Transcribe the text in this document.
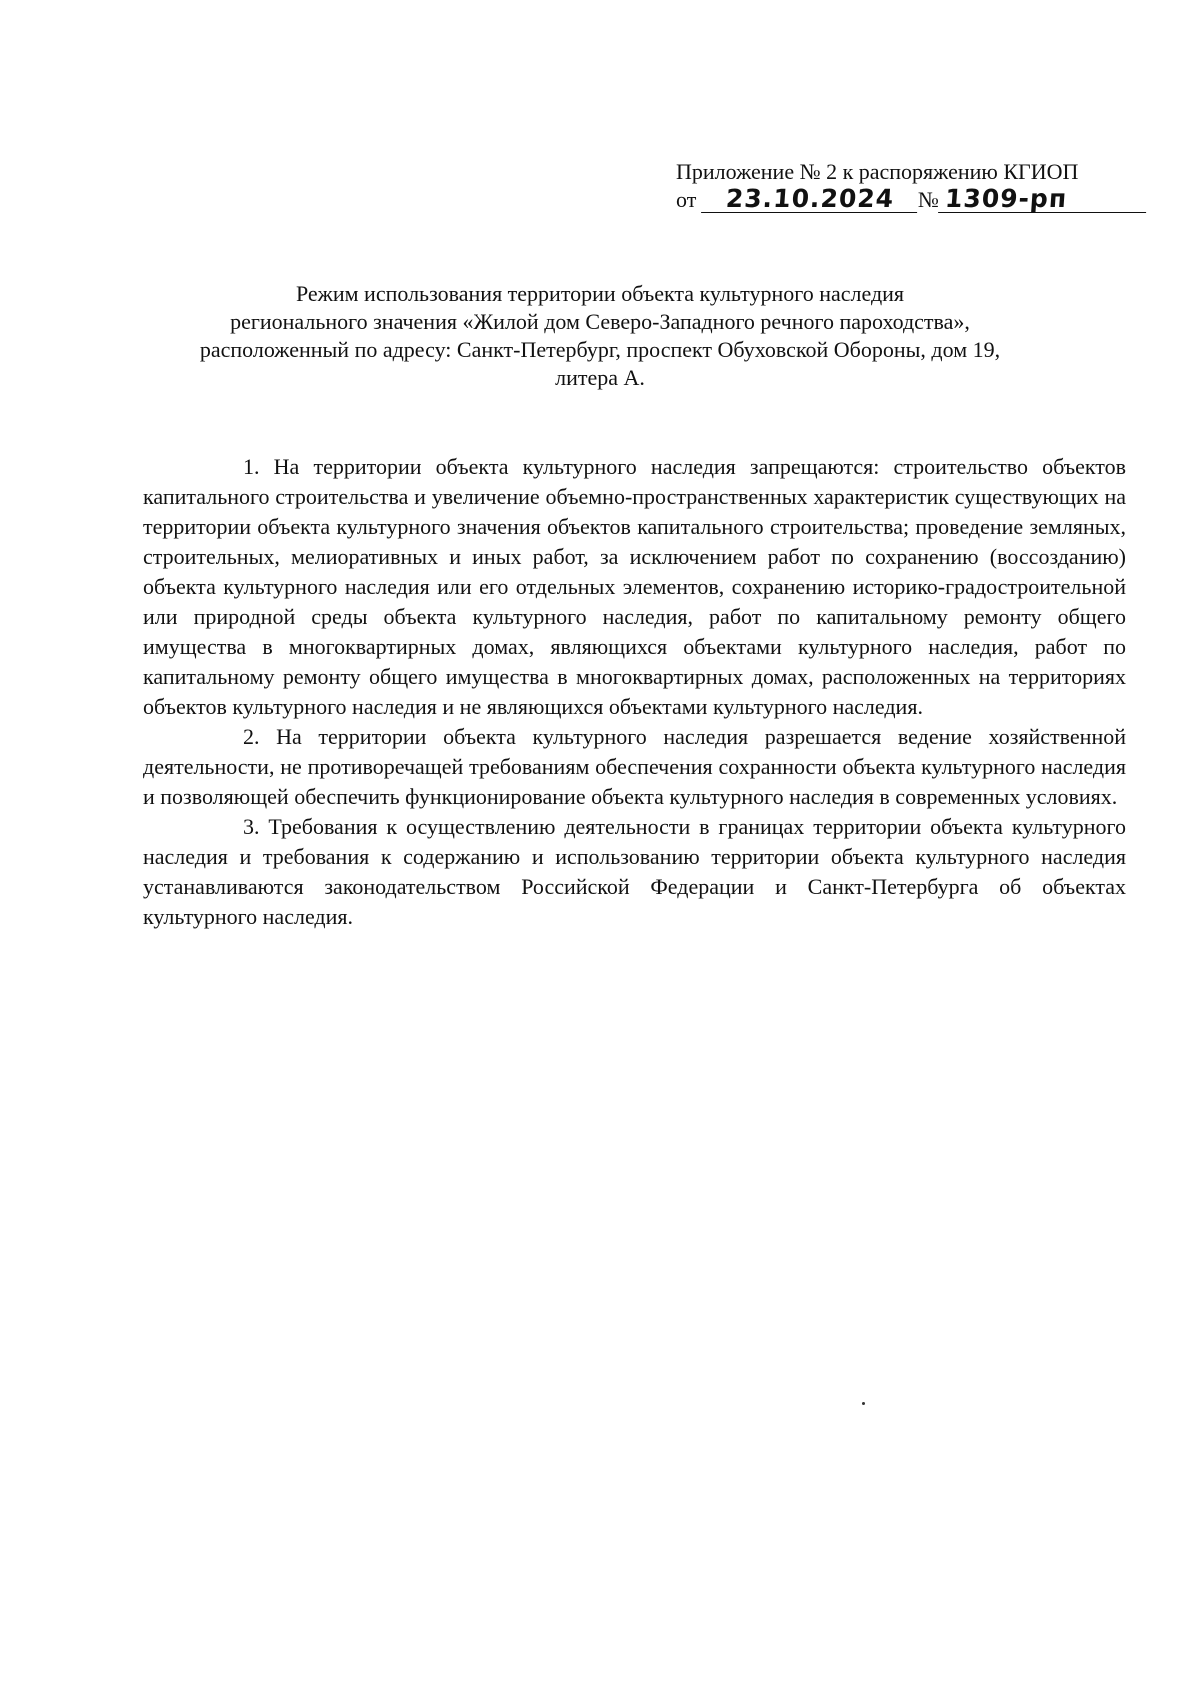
Приложение № 2 к распоряжению КГИОП
от 23.10.2024 № 1309-рп
Режим использования территории объекта культурного наследия
регионального значения «Жилой дом Северо-Западного речного пароходства»,
расположенный по адресу: Санкт-Петербург, проспект Обуховской Обороны, дом 19,
литера А.

1. На территории объекта культурного наследия запрещаются: строительство объектов капитального строительства и увеличение объемно-пространственных характеристик существующих на территории объекта культурного значения объектов капитального строительства; проведение земляных, строительных, мелиоративных и иных работ, за исключением работ по сохранению (воссозданию) объекта культурного наследия или его отдельных элементов, сохранению историко-градостроительной или природной среды объекта культурного наследия, работ по капитальному ремонту общего имущества в многоквартирных домах, являющихся объектами культурного наследия, работ по капитальному ремонту общего имущества в многоквартирных домах, расположенных на территориях объектов культурного наследия и не являющихся объектами культурного наследия.

2. На территории объекта культурного наследия разрешается ведение хозяйственной деятельности, не противоречащей требованиям обеспечения сохранности объекта культурного наследия и позволяющей обеспечить функционирование объекта культурного наследия в современных условиях.

3. Требования к осуществлению деятельности в границах территории объекта культурного наследия и требования к содержанию и использованию территории объекта культурного наследия устанавливаются законодательством Российской Федерации и Санкт-Петербурга об объектах культурного наследия.
